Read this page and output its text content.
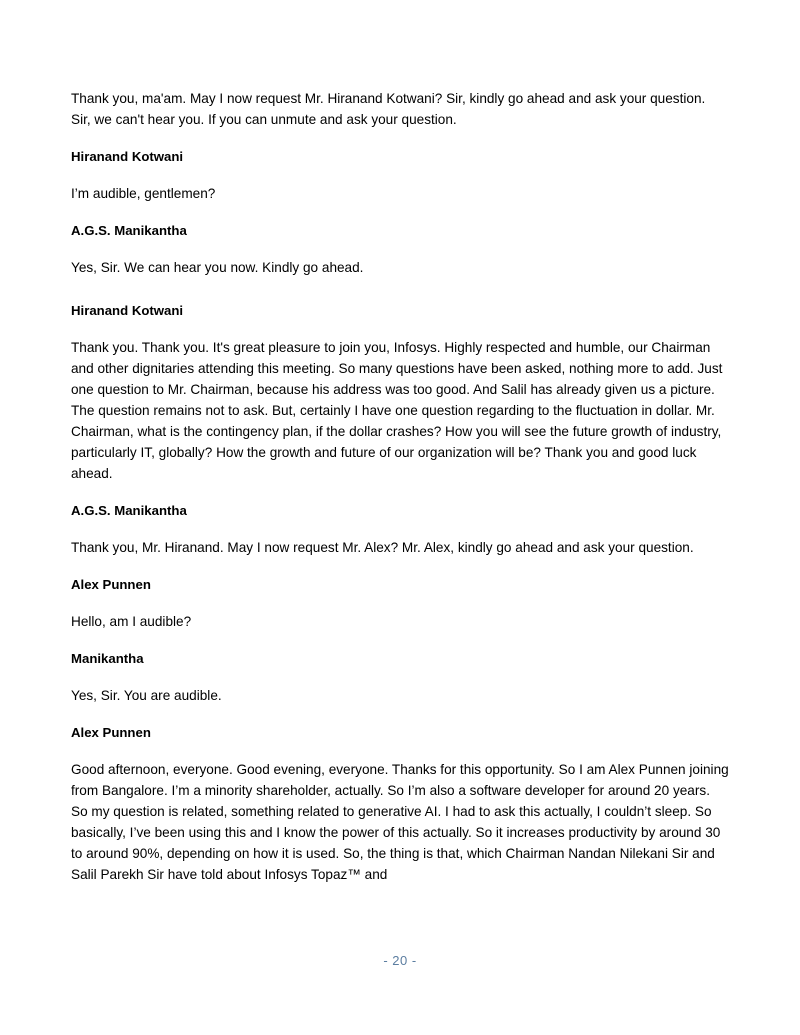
Thank you, ma'am. May I now request Mr. Hiranand Kotwani? Sir, kindly go ahead and ask your question.
Sir, we can't hear you. If you can unmute and ask your question.
Hiranand Kotwani
I’m audible, gentlemen?
A.G.S. Manikantha
Yes, Sir. We can hear you now. Kindly go ahead.
Hiranand Kotwani
Thank you. Thank you. It's great pleasure to join you, Infosys. Highly respected and humble, our Chairman and other dignitaries attending this meeting. So many questions have been asked, nothing more to add. Just one question to Mr. Chairman, because his address was too good. And Salil has already given us a picture. The question remains not to ask. But, certainly I have one question regarding to the fluctuation in dollar. Mr. Chairman, what is the contingency plan, if the dollar crashes? How you will see the future growth of industry, particularly IT, globally? How the growth and future of our organization will be? Thank you and good luck ahead.
A.G.S. Manikantha
Thank you, Mr. Hiranand. May I now request Mr. Alex? Mr. Alex, kindly go ahead and ask your question.
Alex Punnen
Hello, am I audible?
Manikantha
Yes, Sir. You are audible.
Alex Punnen
Good afternoon, everyone. Good evening, everyone. Thanks for this opportunity. So I am Alex Punnen joining from Bangalore. I’m a minority shareholder, actually. So I’m also a software developer for around 20 years. So my question is related, something related to generative AI. I had to ask this actually, I couldn’t sleep. So basically, I’ve been using this and I know the power of this actually. So it increases productivity by around 30 to around 90%, depending on how it is used. So, the thing is that, which Chairman Nandan Nilekani Sir and Salil Parekh Sir have told about Infosys Topaz™ and
- 20 -
